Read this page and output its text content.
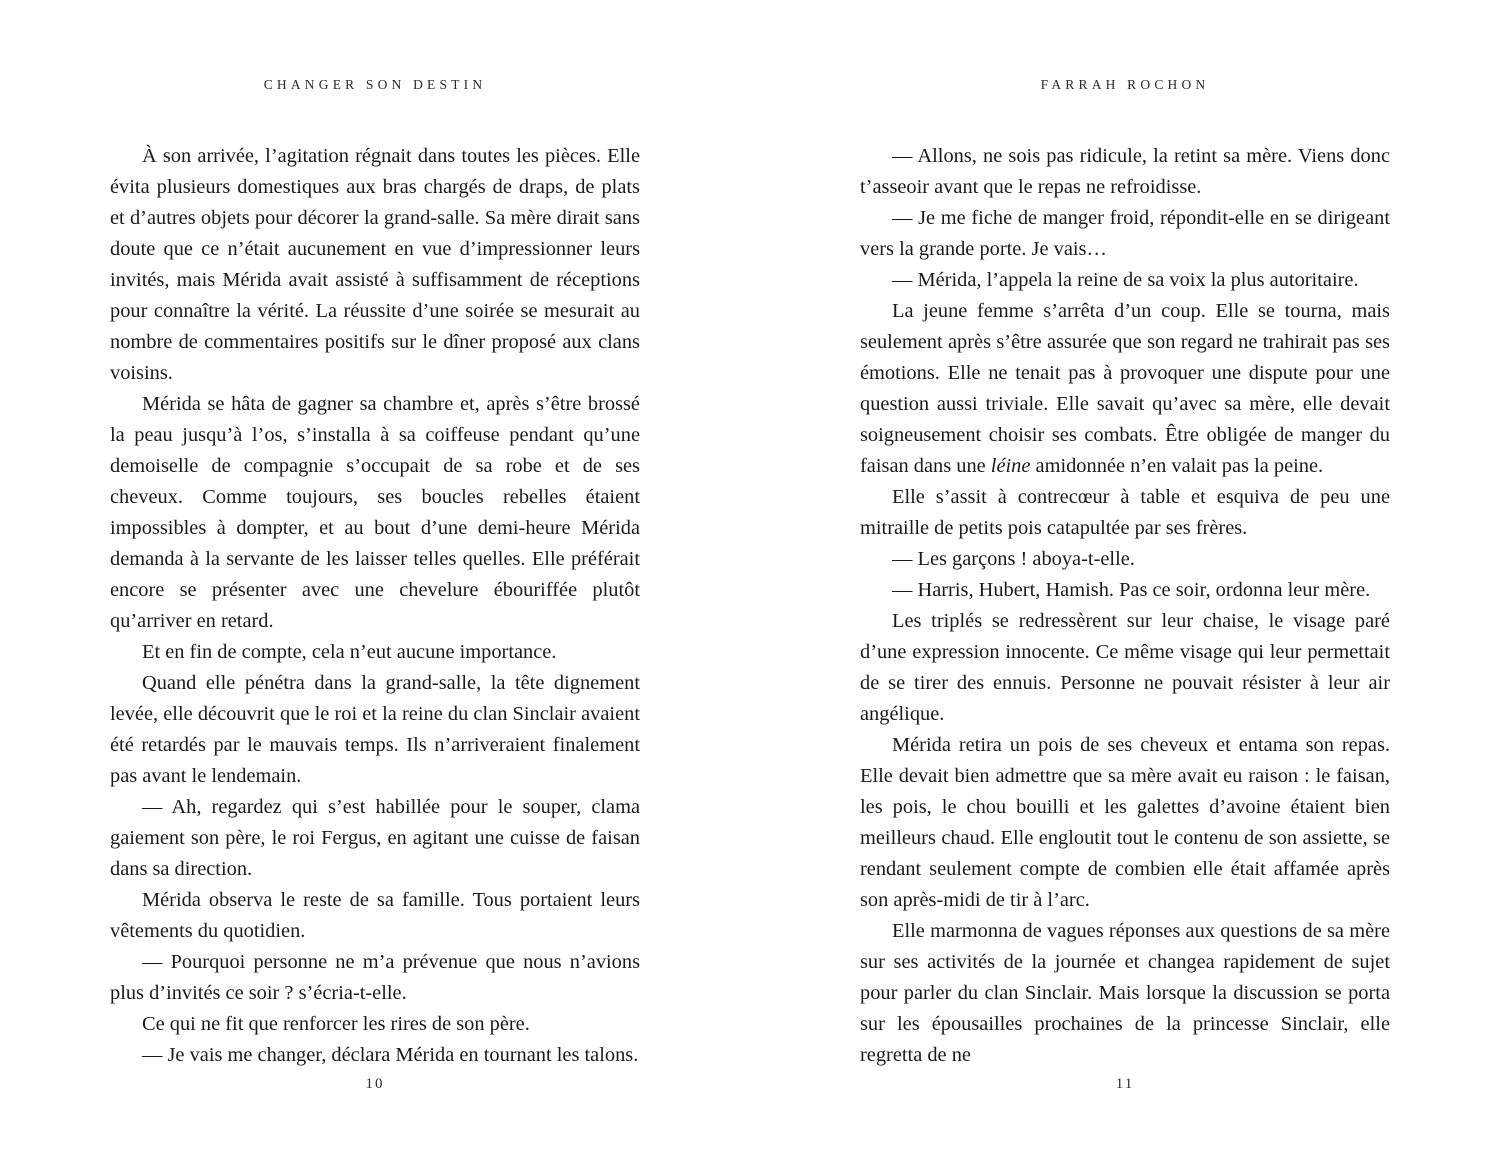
CHANGER SON DESTIN

À son arrivée, l’agitation régnait dans toutes les pièces. Elle évita plusieurs domestiques aux bras chargés de draps, de plats et d’autres objets pour décorer la grand-salle. Sa mère dirait sans doute que ce n’était aucunement en vue d’impressionner leurs invités, mais Mérida avait assisté à suffisamment de réceptions pour connaître la vérité. La réussite d’une soirée se mesurait au nombre de commentaires positifs sur le dîner proposé aux clans voisins.

Mérida se hâta de gagner sa chambre et, après s’être brossé la peau jusqu’à l’os, s’installa à sa coiffeuse pendant qu’une demoiselle de compagnie s’occupait de sa robe et de ses cheveux. Comme toujours, ses boucles rebelles étaient impossibles à dompter, et au bout d’une demi-heure Mérida demanda à la servante de les laisser telles quelles. Elle préférait encore se présenter avec une chevelure ébouriffée plutôt qu’arriver en retard.

Et en fin de compte, cela n’eut aucune importance.

Quand elle pénétra dans la grand-salle, la tête dignement levée, elle découvrit que le roi et la reine du clan Sinclair avaient été retardés par le mauvais temps. Ils n’arriveraient finalement pas avant le lendemain.

— Ah, regardez qui s’est habillée pour le souper, clama gaiement son père, le roi Fergus, en agitant une cuisse de faisan dans sa direction.

Mérida observa le reste de sa famille. Tous portaient leurs vêtements du quotidien.

— Pourquoi personne ne m’a prévenue que nous n’avions plus d’invités ce soir ? s’écria-t-elle.

Ce qui ne fit que renforcer les rires de son père.

— Je vais me changer, déclara Mérida en tournant les talons.

10
FARRAH ROCHON

— Allons, ne sois pas ridicule, la retint sa mère. Viens donc t’asseoir avant que le repas ne refroidisse.

— Je me fiche de manger froid, répondit-elle en se dirigeant vers la grande porte. Je vais…

— Mérida, l’appela la reine de sa voix la plus autoritaire.

La jeune femme s’arrêta d’un coup. Elle se tourna, mais seulement après s’être assurée que son regard ne trahirait pas ses émotions. Elle ne tenait pas à provoquer une dispute pour une question aussi triviale. Elle savait qu’avec sa mère, elle devait soigneusement choisir ses combats. Être obligée de manger du faisan dans une léine amidonnée n’en valait pas la peine.

Elle s’assit à contrecœur à table et esquiva de peu une mitraille de petits pois catapultée par ses frères.

— Les garçons ! aboya-t-elle.

— Harris, Hubert, Hamish. Pas ce soir, ordonna leur mère.

Les triplés se redressèrent sur leur chaise, le visage paré d’une expression innocente. Ce même visage qui leur permettait de se tirer des ennuis. Personne ne pouvait résister à leur air angélique.

Mérida retira un pois de ses cheveux et entama son repas. Elle devait bien admettre que sa mère avait eu raison : le faisan, les pois, le chou bouilli et les galettes d’avoine étaient bien meilleurs chaud. Elle engloutit tout le contenu de son assiette, se rendant seulement compte de combien elle était affamée après son après-midi de tir à l’arc.

Elle marmonna de vagues réponses aux questions de sa mère sur ses activités de la journée et changea rapidement de sujet pour parler du clan Sinclair. Mais lorsque la discussion se porta sur les épousailles prochaines de la princesse Sinclair, elle regretta de ne

11
